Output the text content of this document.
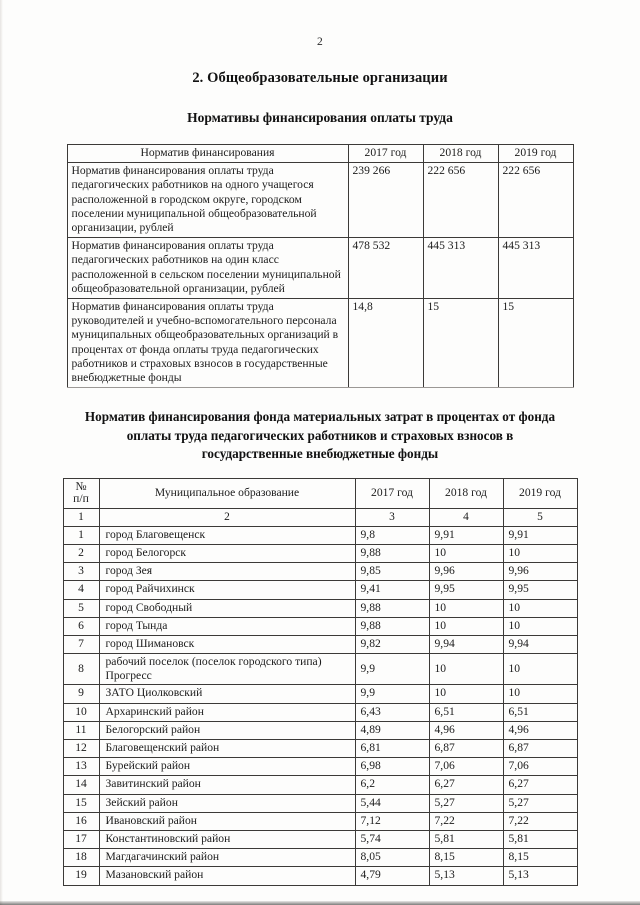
2
2. Общеобразовательные организации
Нормативы финансирования оплаты труда
Норматив финансирования	2017 год	2018 год	2019 год
Норматив финансирования оплаты труда педагогических работников на одного учащегося расположенной в городском округе, городском поселении муниципальной общеобразовательной организации, рублей	239 266	222 656	222 656
Норматив финансирования оплаты труда педагогических работников на один класс расположенной в сельском поселении муниципальной общеобразовательной организации, рублей	478 532	445 313	445 313
Норматив финансирования оплаты труда руководителей и учебно-вспомогательного персонала муниципальных общеобразовательных организаций в процентах от фонда оплаты труда педагогических работников и страховых взносов в государственные внебюджетные фонды	14,8	15	15
Норматив финансирования фонда материальных затрат в процентах от фонда оплаты труда педагогических работников и страховых взносов в государственные внебюджетные фонды
№
п/п	Муниципальное образование	2017 год	2018 год	2019 год
1	2	3	4	5
1	город Благовещенск	9,8	9,91	9,91
2	город Белогорск	9,88	10	10
3	город Зея	9,85	9,96	9,96
4	город Райчихинск	9,41	9,95	9,95
5	город Свободный	9,88	10	10
6	город Тында	9,88	10	10
7	город Шимановск	9,82	9,94	9,94
8	рабочий поселок (поселок городского типа) Прогресс	9,9	10	10
9	ЗАТО Циолковский	9,9	10	10
10	Архаринский район	6,43	6,51	6,51
11	Белогорский район	4,89	4,96	4,96
12	Благовещенский район	6,81	6,87	6,87
13	Бурейский район	6,98	7,06	7,06
14	Завитинский район	6,2	6,27	6,27
15	Зейский район	5,44	5,27	5,27
16	Ивановский район	7,12	7,22	7,22
17	Константиновский район	5,74	5,81	5,81
18	Магдагачинский район	8,05	8,15	8,15
19	Мазановский район	4,79	5,13	5,13
